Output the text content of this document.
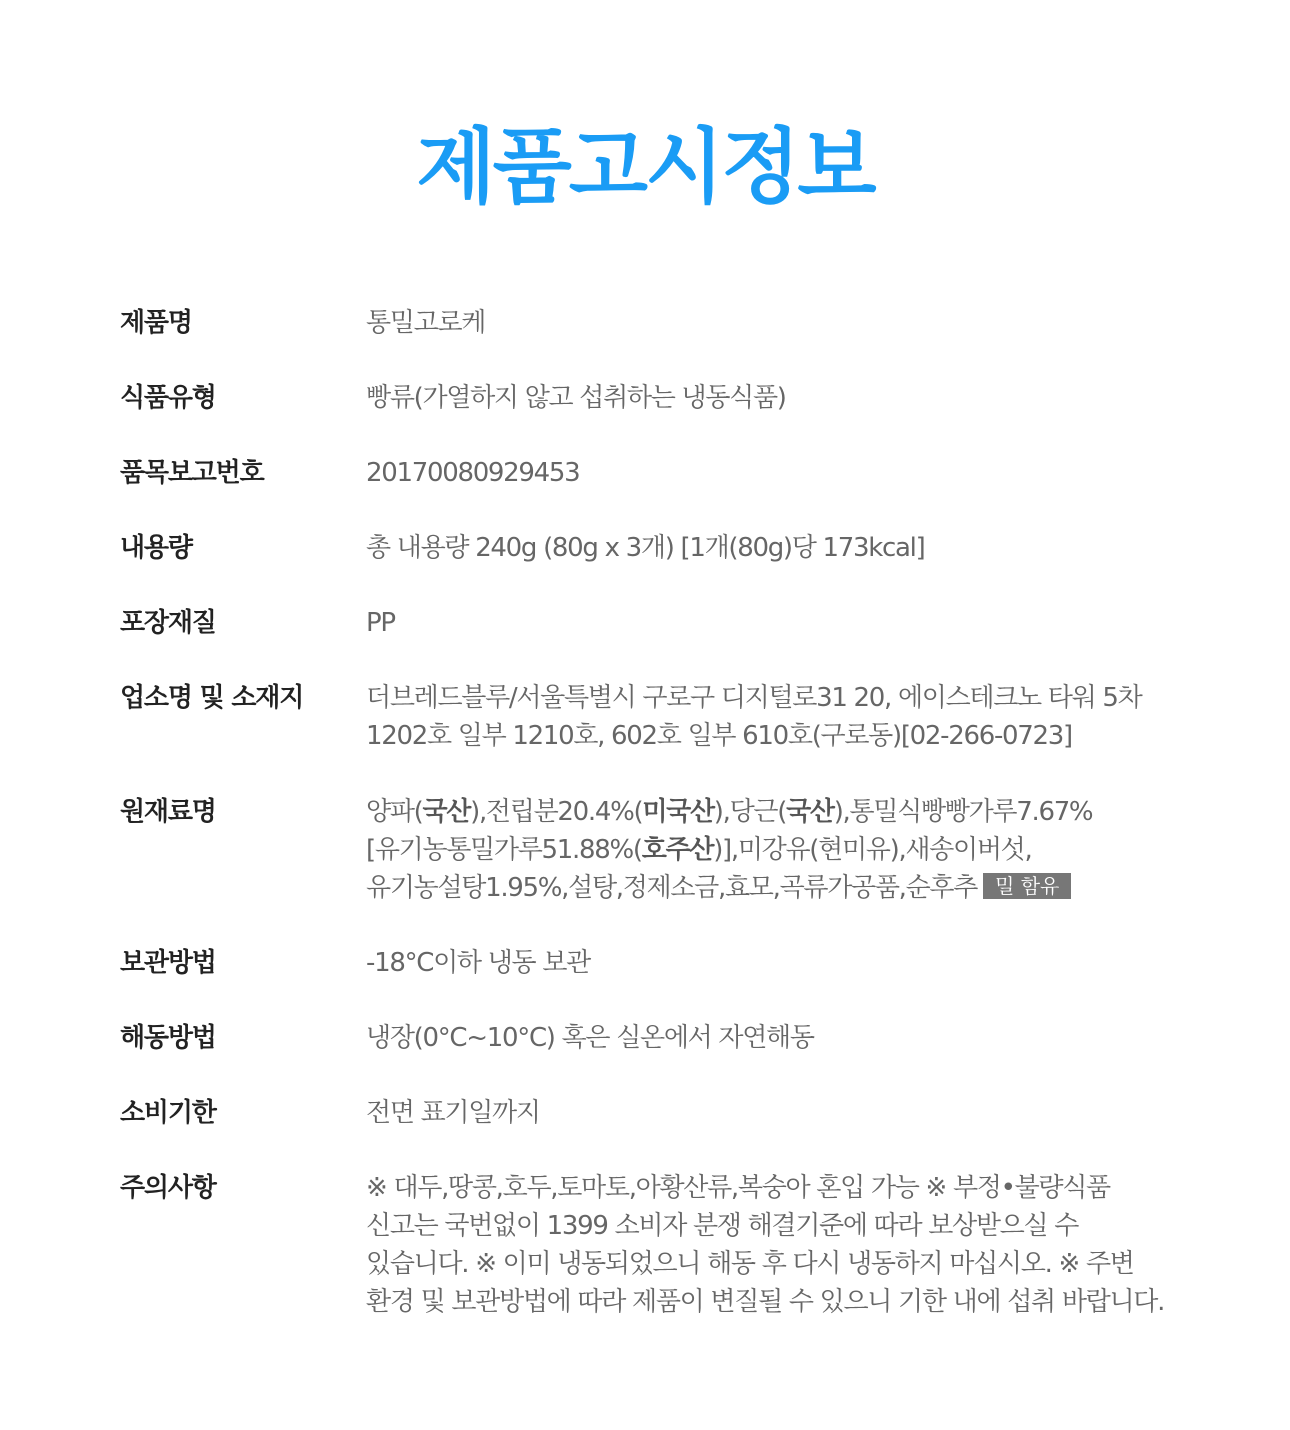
제품고시정보
제품명	통밀고로케
식품유형	빵류(가열하지 않고 섭취하는 냉동식품)
품목보고번호	20170080929453
내용량	총 내용량 240g (80g x 3개) [1개(80g)당 173kcal]
포장재질	PP
업소명 및 소재지	더브레드블루/서울특별시 구로구 디지털로31 20, 에이스테크노 타워 5차 1202호 일부 1210호, 602호 일부 610호(구로동)[02-266-0723]
원재료명	양파(국산),전립분20.4%(미국산),당근(국산),통밀식빵빵가루7.67%[유기농통밀가루51.88%(호주산)],미강유(현미유),새송이버섯,유기농설탕1.95%,설탕,정제소금,효모,곡류가공품,순후추 밀 함유
보관방법	-18°C이하 냉동 보관
해동방법	냉장(0°C~10°C) 혹은 실온에서 자연해동
소비기한	전면 표기일까지
주의사항	※ 대두,땅콩,호두,토마토,아황산류,복숭아 혼입 가능 ※ 부정•불량식품 신고는 국번없이 1399 소비자 분쟁 해결기준에 따라 보상받으실 수 있습니다. ※ 이미 냉동되었으니 해동 후 다시 냉동하지 마십시오. ※ 주변 환경 및 보관방법에 따라 제품이 변질될 수 있으니 기한 내에 섭취 바랍니다.
